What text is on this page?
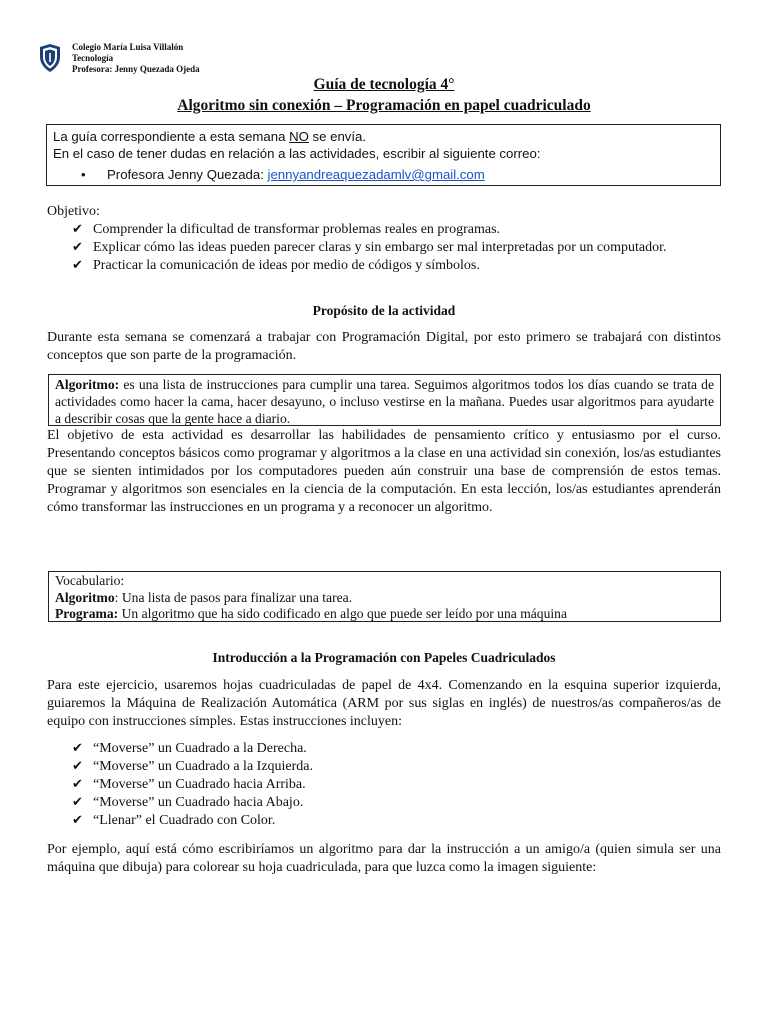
Colegio María Luisa Villalón
Tecnología
Profesora: Jenny Quezada Ojeda
Guía de tecnología 4°
Algoritmo sin conexión – Programación en papel cuadriculado
La guía correspondiente a esta semana NO se envía.
En el caso de tener dudas en relación a las actividades, escribir al siguiente correo:
• Profesora Jenny Quezada: jennyandreaquezadamlv@gmail.com
Objetivo:
✔ Comprender la dificultad de transformar problemas reales en programas.
✔ Explicar cómo las ideas pueden parecer claras y sin embargo ser mal interpretadas por un computador.
✔ Practicar la comunicación de ideas por medio de códigos y símbolos.
Propósito de la actividad
Durante esta semana se comenzará a trabajar con Programación Digital, por esto primero se trabajará con distintos conceptos que son parte de la programación.
Algoritmo: es una lista de instrucciones para cumplir una tarea. Seguimos algoritmos todos los días cuando se trata de actividades como hacer la cama, hacer desayuno, o incluso vestirse en la mañana. Puedes usar algoritmos para ayudarte a describir cosas que la gente hace a diario.
El objetivo de esta actividad es desarrollar las habilidades de pensamiento crítico y entusiasmo por el curso. Presentando conceptos básicos como programar y algoritmos a la clase en una actividad sin conexión, los/as estudiantes que se sienten intimidados por los computadores pueden aún construir una base de comprensión de estos temas. Programar y algoritmos son esenciales en la ciencia de la computación. En esta lección, los/as estudiantes aprenderán cómo transformar las instrucciones en un programa y a reconocer un algoritmo.
Vocabulario:
Algoritmo: Una lista de pasos para finalizar una tarea.
Programa: Un algoritmo que ha sido codificado en algo que puede ser leído por una máquina
Introducción a la Programación con Papeles Cuadriculados
Para este ejercicio, usaremos hojas cuadriculadas de papel de 4x4. Comenzando en la esquina superior izquierda, guiaremos la Máquina de Realización Automática (ARM por sus siglas en inglés) de nuestros/as compañeros/as de equipo con instrucciones simples. Estas instrucciones incluyen:
✔ “Moverse” un Cuadrado a la Derecha.
✔ “Moverse” un Cuadrado a la Izquierda.
✔ “Moverse” un Cuadrado hacia Arriba.
✔ “Moverse” un Cuadrado hacia Abajo.
✔ “Llenar” el Cuadrado con Color.
Por ejemplo, aquí está cómo escribiríamos un algoritmo para dar la instrucción a un amigo/a (quien simula ser una máquina que dibuja) para colorear su hoja cuadriculada, para que luzca como la imagen siguiente:
